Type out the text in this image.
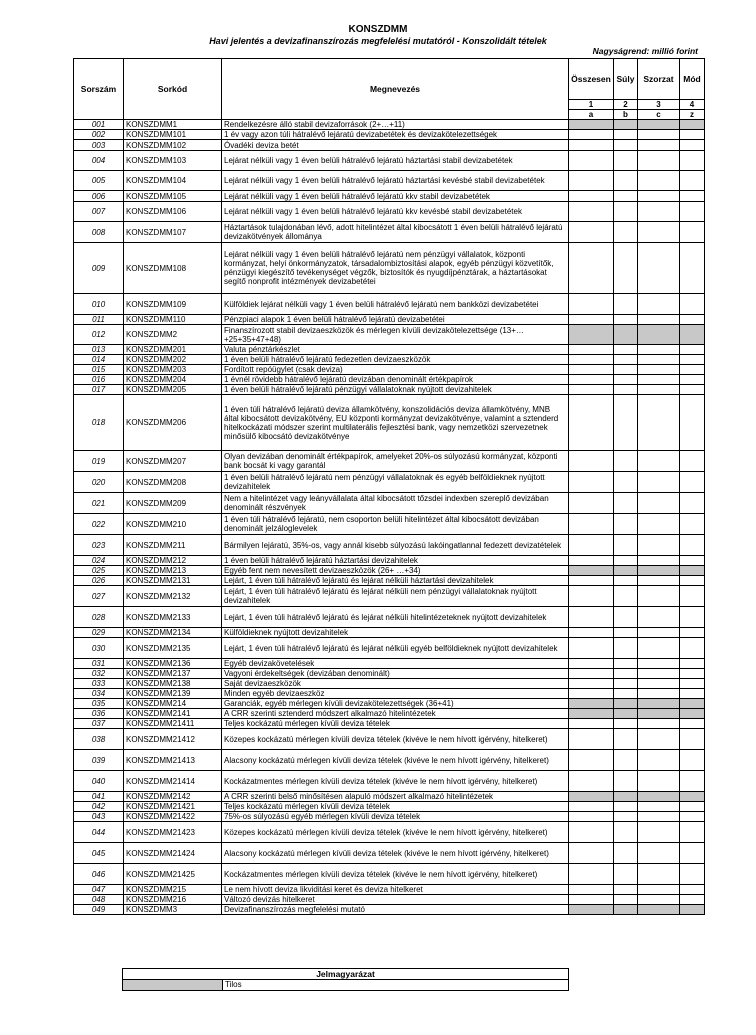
KONSZDMM
Havi jelentés a devizafinanszírozás megfelelési mutatóról - Konszolidált tételek
Nagyságrend: millió forint
Sorszám	Sorkód	Megnevezés	Összesen	Súly	Szorzat	Mód
			1	2	3	4
			a	b	c	z
001	KONSZDMM1	Rendelkezésre álló stabil devizaforrások (2+…+11)				
002	KONSZDMM101	1 év vagy azon túli hátralévő lejáratú devizabetétek és devizakötelezettségek				
003	KONSZDMM102	Óvadéki deviza betét				
004	KONSZDMM103	Lejárat nélküli vagy 1 éven belüli hátralévő lejáratú háztartási stabil devizabetétek				
005	KONSZDMM104	Lejárat nélküli vagy 1 éven belüli hátralévő lejáratú háztartási kevésbé stabil devizabetétek				
006	KONSZDMM105	Lejárat nélküli vagy 1 éven belüli hátralévő lejáratú kkv stabil devizabetétek				
007	KONSZDMM106	Lejárat nélküli vagy 1 éven belüli hátralévő lejáratú kkv kevésbé stabil devizabetétek				
008	KONSZDMM107	Háztartások tulajdonában lévő, adott hitelintézet által kibocsátott 1 éven belüli hátralévő lejáratú devizakötvények állománya				
009	KONSZDMM108	Lejárat nélküli vagy 1 éven belüli hátralévő lejáratú nem pénzügyi vállalatok, központi kormányzat, helyi önkormányzatok, társadalombiztosítási alapok, egyéb pénzügyi közvetítők, pénzügyi kiegészítő tevékenységet végzők, biztosítók és nyugdíjpénztárak, a háztartásokat segítő nonprofit intézmények devizabetétei				
010	KONSZDMM109	Külföldiek lejárat nélküli vagy 1 éven belüli hátralévő lejáratú nem bankközi devizabetétei				
011	KONSZDMM110	Pénzpiaci alapok 1 éven belüli hátralévő lejáratú devizabetétei				
012	KONSZDMM2	Finanszírozott stabil devizaeszközök és mérlegen kívüli devizakötelezettsége (13+…+25+35+47+48)				
013	KONSZDMM201	Valuta pénztárkészlet				
014	KONSZDMM202	1 éven belüli hátralévő lejáratú fedezetlen devizaeszközök				
015	KONSZDMM203	Fordított repóügylet (csak deviza)				
016	KONSZDMM204	1 évnél rövidebb hátralévő lejáratú devizában denominált értékpapírok				
017	KONSZDMM205	1 éven belüli hátralévő lejáratú pénzügyi vállalatoknak nyújtott devizahitelek				
018	KONSZDMM206	1 éven túli hátralévő lejáratú deviza államkötvény, konszolidációs deviza államkötvény, MNB által kibocsátott devizakötvény, EU központi kormányzat devizakötvénye, valamint a sztenderd hitelkockázati módszer szerint multilaterális fejlesztési bank, vagy nemzetközi szervezetnek minősülő kibocsátó devizakötvénye				
019	KONSZDMM207	Olyan devizában denominált értékpapírok, amelyeket 20%-os súlyozású kormányzat, központi bank bocsát ki vagy garantál				
020	KONSZDMM208	1 éven belüli hátralévő lejáratú nem pénzügyi vállalatoknak és egyéb belföldieknek nyújtott devizahitelek				
021	KONSZDMM209	Nem a hitelintézet vagy leányvállalata által kibocsátott tőzsdei indexben szereplő devizában denominált részvények				
022	KONSZDMM210	1 éven túli hátralévő lejáratú, nem csoporton belüli hitelintézet által kibocsátott devizában denominált jelzáloglevelek				
023	KONSZDMM211	Bármilyen lejáratú, 35%-os, vagy annál kisebb súlyozású lakóingatlannal fedezett devizatételek				
024	KONSZDMM212	1 éven belüli hátralévő lejáratú háztartási devizahitelek				
025	KONSZDMM213	Egyéb fent nem nevesített devizaeszközök (26+ …+34)				
026	KONSZDMM2131	Lejárt, 1 éven túli hátralévő lejáratú és lejárat nélküli háztartási devizahitelek				
027	KONSZDMM2132	Lejárt, 1 éven túli hátralévő lejáratú és lejárat nélküli nem pénzügyi vállalatoknak nyújtott devizahitelek				
028	KONSZDMM2133	Lejárt, 1 éven túli hátralévő lejáratú és lejárat nélküli hitelintézeteknek nyújtott devizahitelek				
029	KONSZDMM2134	Külföldieknek nyújtott devizahitelek				
030	KONSZDMM2135	Lejárt, 1 éven túli hátralévő lejáratú és lejárat nélküli egyéb belföldieknek nyújtott devizahitelek				
031	KONSZDMM2136	Egyéb devizakövetelések				
032	KONSZDMM2137	Vagyoni érdekeltségek (devizában denominált)				
033	KONSZDMM2138	Saját devizaeszközök				
034	KONSZDMM2139	Minden egyéb devizaeszköz				
035	KONSZDMM214	Garanciák, egyéb mérlegen kívüli devizakötelezettségek (36+41)				
036	KONSZDMM2141	A CRR szerinti sztenderd módszert alkalmazó hitelintézetek				
037	KONSZDMM21411	Teljes kockázatú mérlegen kívüli deviza tételek				
038	KONSZDMM21412	Közepes kockázatú mérlegen kívüli deviza tételek (kivéve le nem hívott igérvény, hitelkeret)				
039	KONSZDMM21413	Alacsony kockázatú mérlegen kívüli deviza tételek (kivéve le nem hívott igérvény, hitelkeret)				
040	KONSZDMM21414	Kockázatmentes mérlegen kívüli deviza tételek (kivéve le nem hívott igérvény, hitelkeret)				
041	KONSZDMM2142	A CRR szerinti belső minősítésen alapuló módszert alkalmazó hitelintézetek				
042	KONSZDMM21421	Teljes kockázatú mérlegen kívüli deviza tételek				
043	KONSZDMM21422	75%-os súlyozású egyéb mérlegen kívüli deviza tételek				
044	KONSZDMM21423	Közepes kockázatú mérlegen kívüli deviza tételek (kivéve le nem hívott igérvény, hitelkeret)				
045	KONSZDMM21424	Alacsony kockázatú mérlegen kívüli deviza tételek (kivéve le nem hívott igérvény, hitelkeret)				
046	KONSZDMM21425	Kockázatmentes mérlegen kívüli deviza tételek (kivéve le nem hívott igérvény, hitelkeret)				
047	KONSZDMM215	Le nem hívott deviza likviditási keret és deviza hitelkeret				
048	KONSZDMM216	Változó devizás hitelkeret				
049	KONSZDMM3	Devizafinanszírozás megfelelési mutató				
Jelmagyarázat
	Tilos
